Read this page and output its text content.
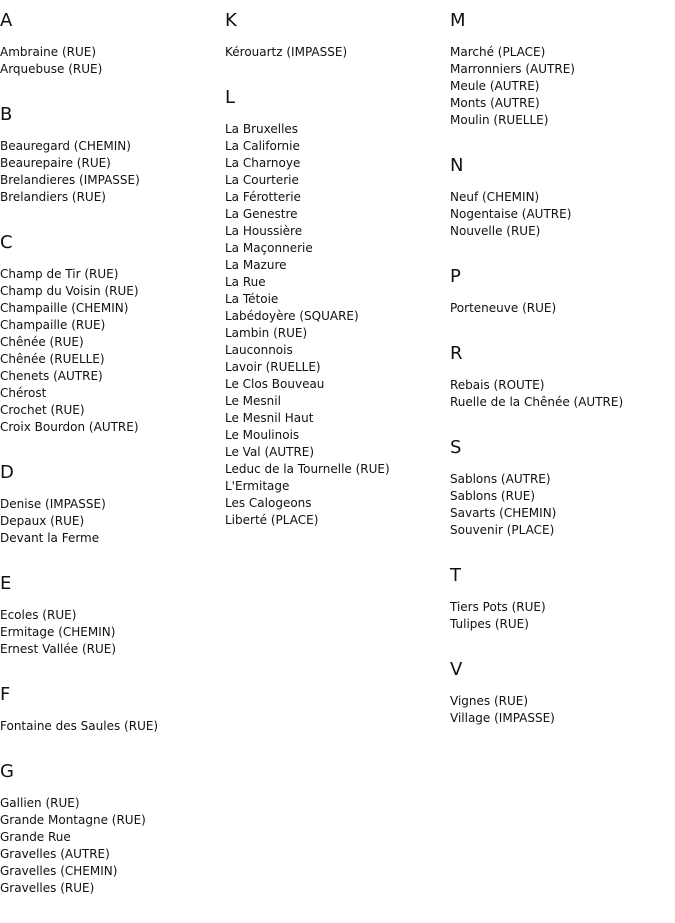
A
Ambraine (RUE)
Arquebuse (RUE)
B
Beauregard (CHEMIN)
Beaurepaire (RUE)
Brelandieres (IMPASSE)
Brelandiers (RUE)
C
Champ de Tir (RUE)
Champ du Voisin (RUE)
Champaille (CHEMIN)
Champaille (RUE)
Chênée (RUE)
Chênée (RUELLE)
Chenets (AUTRE)
Chérost
Crochet (RUE)
Croix Bourdon (AUTRE)
D
Denise (IMPASSE)
Depaux (RUE)
Devant la Ferme
E
Ecoles (RUE)
Ermitage (CHEMIN)
Ernest Vallée (RUE)
F
Fontaine des Saules (RUE)
G
Gallien (RUE)
Grande Montagne (RUE)
Grande Rue
Gravelles (AUTRE)
Gravelles (CHEMIN)
Gravelles (RUE)
K
Kérouartz (IMPASSE)
L
La Bruxelles
La Californie
La Charnoye
La Courterie
La Férotterie
La Genestre
La Houssière
La Maçonnerie
La Mazure
La Rue
La Tétoie
Labédoyère (SQUARE)
Lambin (RUE)
Lauconnois
Lavoir (RUELLE)
Le Clos Bouveau
Le Mesnil
Le Mesnil Haut
Le Moulinois
Le Val (AUTRE)
Leduc de la Tournelle (RUE)
L'Ermitage
Les Calogeons
Liberté (PLACE)
M
Marché (PLACE)
Marronniers (AUTRE)
Meule (AUTRE)
Monts (AUTRE)
Moulin (RUELLE)
N
Neuf (CHEMIN)
Nogentaise (AUTRE)
Nouvelle (RUE)
P
Porteneuve (RUE)
R
Rebais (ROUTE)
Ruelle de la Chênée (AUTRE)
S
Sablons (AUTRE)
Sablons (RUE)
Savarts (CHEMIN)
Souvenir (PLACE)
T
Tiers Pots (RUE)
Tulipes (RUE)
V
Vignes (RUE)
Village (IMPASSE)
